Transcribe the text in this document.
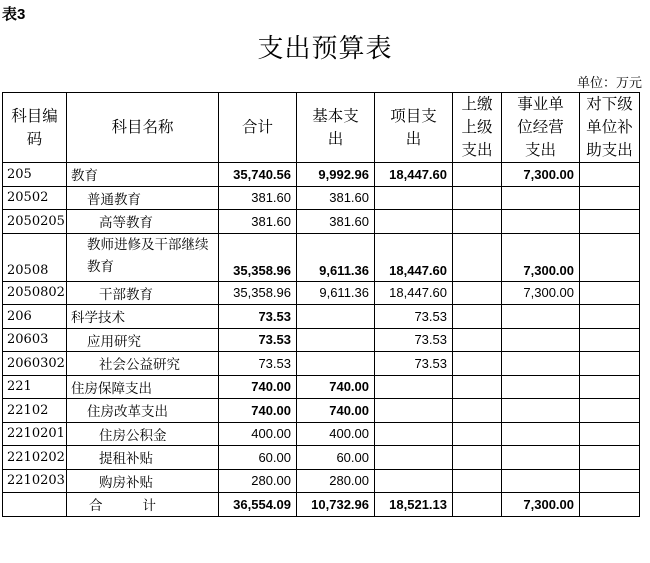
表3
支出预算表
单位：万元
科目编码	科目名称	合计	基本支出	项目支出	上缴上级支出	事业单位经营支出	对下级单位补助支出
205	教育	35,740.56	9,992.96	18,447.60		7,300.00	
20502	普通教育	381.60	381.60				
2050205	高等教育	381.60	381.60				
20508	教师进修及干部继续教育	35,358.96	9,611.36	18,447.60		7,300.00	
2050802	干部教育	35,358.96	9,611.36	18,447.60		7,300.00	
206	科学技术	73.53		73.53			
20603	应用研究	73.53		73.53			
2060302	社会公益研究	73.53		73.53			
221	住房保障支出	740.00	740.00				
22102	住房改革支出	740.00	740.00				
2210201	住房公积金	400.00	400.00				
2210202	提租补贴	60.00	60.00				
2210203	购房补贴	280.00	280.00				
	合计	36,554.09	10,732.96	18,521.13		7,300.00	
